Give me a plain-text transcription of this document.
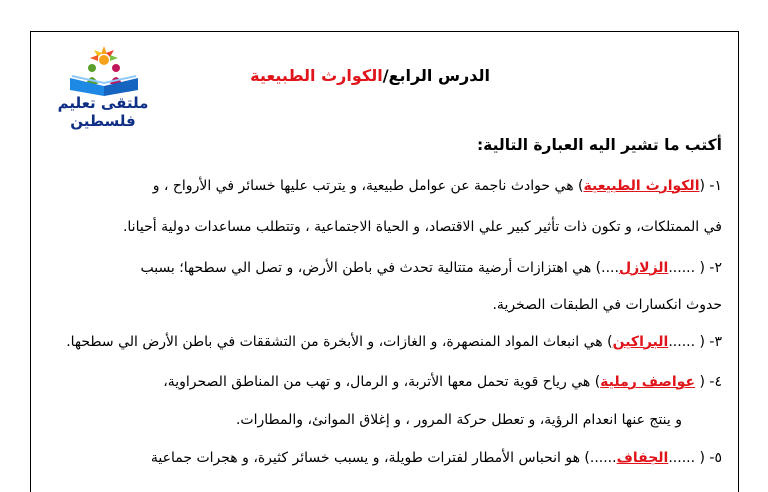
ملتقى تعليم فلسطين
الدرس الرابع/الكوارث الطبيعية
أكتب ما تشير اليه العبارة التالية:
١- (الكوارث الطبيعية) هي حوادث ناجمة عن عوامل طبيعية، و يترتب عليها خسائر في الأرواح ، و
في الممتلكات، و تكون ذات تأثير كبير علي الاقتصاد، و الحياة الاجتماعية ، وتتطلب مساعدات دولية أحيانا.
٢- ( ......الزلازل....) هي اهتزازات أرضية متتالية تحدث في باطن الأرض، و تصل الي سطحها؛ بسبب
حدوث انكسارات في الطبقات الصخرية.
٣- ( ......البراكين) هي انبعاث المواد المنصهرة، و الغازات، و الأبخرة من التشققات في باطن الأرض الي سطحها.
٤- ( عواصف رملية) هي رياح قوية تحمل معها الأتربة، و الرمال، و تهب من المناطق الصحراوية،
و ينتج عنها انعدام الرؤية، و تعطل حركة المرور ، و إغلاق الموانئ، والمطارات.
٥- ( ......الجفاف......) هو انحباس الأمطار لفترات طويلة، و يسبب خسائر كثيرة، و هجرات جماعية
